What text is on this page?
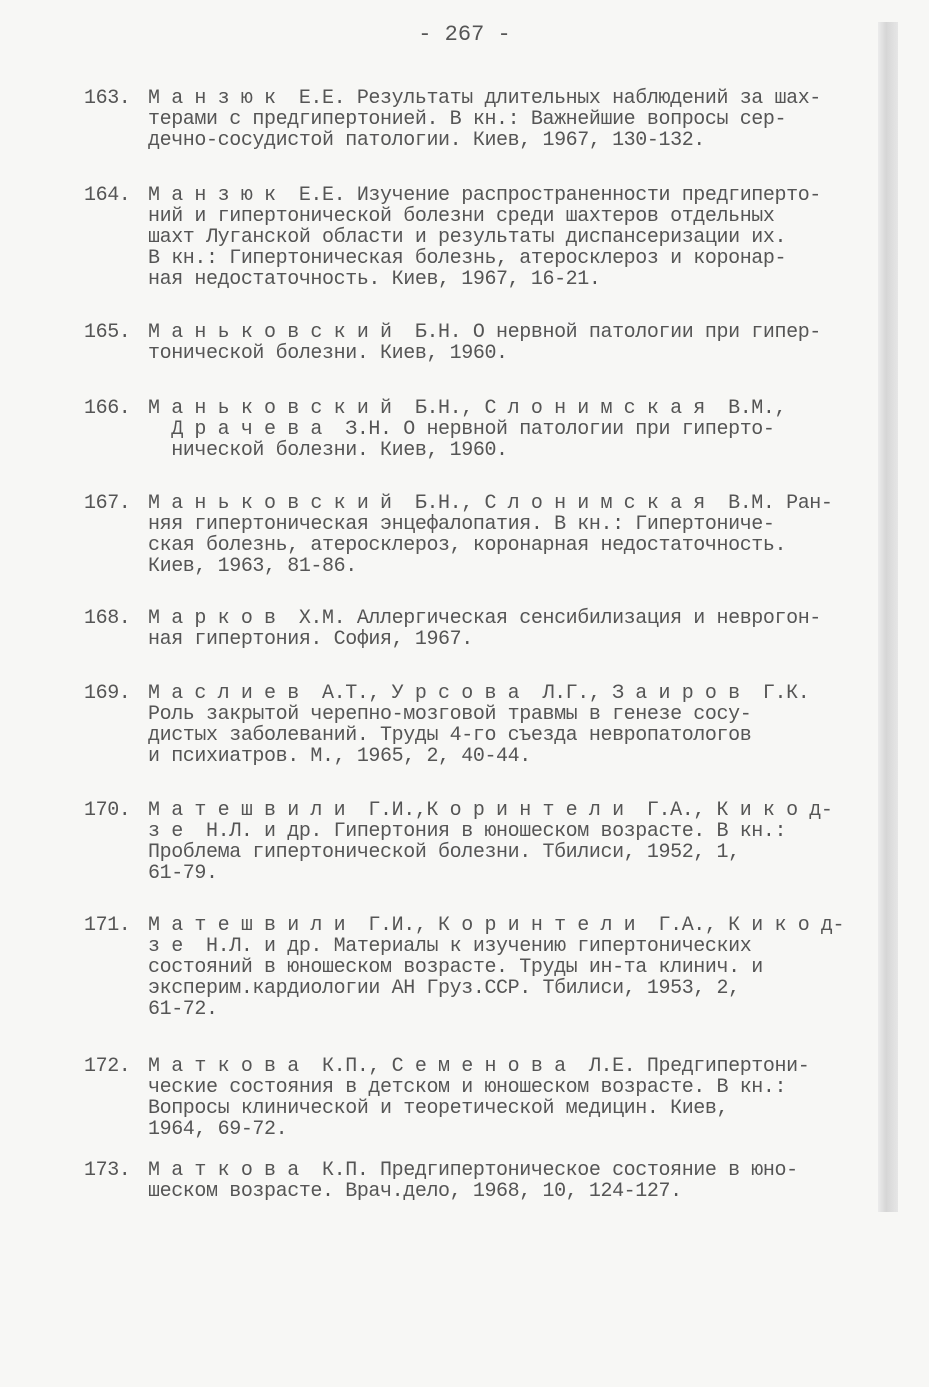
- 267 -
163. М а н з ю к  Е.Е. Результаты длительных наблюдений за шах-
терами с предгипертонией. В кн.: Важнейшие вопросы сер-
дечно-сосудистой патологии. Киев, 1967, 130-132.
164. М а н з ю к  Е.Е. Изучение распространенности предгиперто-
ний и гипертонической болезни среди шахтеров отдельных
шахт Луганской области и результаты диспансеризации их.
В кн.: Гипертоническая болезнь, атеросклероз и коронар-
ная недостаточность. Киев, 1967, 16-21.
165. М а н ь к о в с к и й  Б.Н. О нервной патологии при гипер-
тонической болезни. Киев, 1960.
166. М а н ь к о в с к и й  Б.Н., С л о н и м с к а я  В.М.,
Д р а ч е в а  З.Н. О нервной патологии при гиперто-
нической болезни. Киев, 1960.
167. М а н ь к о в с к и й  Б.Н., С л о н и м с к а я  В.М. Ран-
няя гипертоническая энцефалопатия. В кн.: Гипертониче-
ская болезнь, атеросклероз, коронарная недостаточность.
Киев, 1963, 81-86.
168. М а р к о в  Х.М. Аллергическая сенсибилизация и неврогон-
ная гипертония. София, 1967.
169. М а с л и е в  А.Т., У р с о в а  Л.Г., З а и р о в  Г.К.
Роль закрытой черепно-мозговой травмы в генезе сосу-
дистых заболеваний. Труды 4-го съезда невропатологов
и психиатров. М., 1965, 2, 40-44.
170. М а т е ш в и л и  Г.И.,К о р и н т е л и  Г.А., К и к о д-
з е  Н.Л. и др. Гипертония в юношеском возрасте. В кн.:
Проблема гипертонической болезни. Тбилиси, 1952, 1,
61-79.
171. М а т е ш в и л и  Г.И., К о р и н т е л и  Г.А., К и к о д-
з е  Н.Л. и др. Материалы к изучению гипертонических
состояний в юношеском возрасте. Труды ин-та клинич. и
эксперим.кардиологии АН Груз.ССР. Тбилиси, 1953, 2,
61-72.
172. М а т к о в а  К.П., С е м е н о в а  Л.Е. Предгипертони-
ческие состояния в детском и юношеском возрасте. В кн.:
Вопросы клинической и теоретической медицин. Киев,
1964, 69-72.
173. М а т к о в а  К.П. Предгипертоническое состояние в юно-
шеском возрасте. Врач.дело, 1968, 10, 124-127.
